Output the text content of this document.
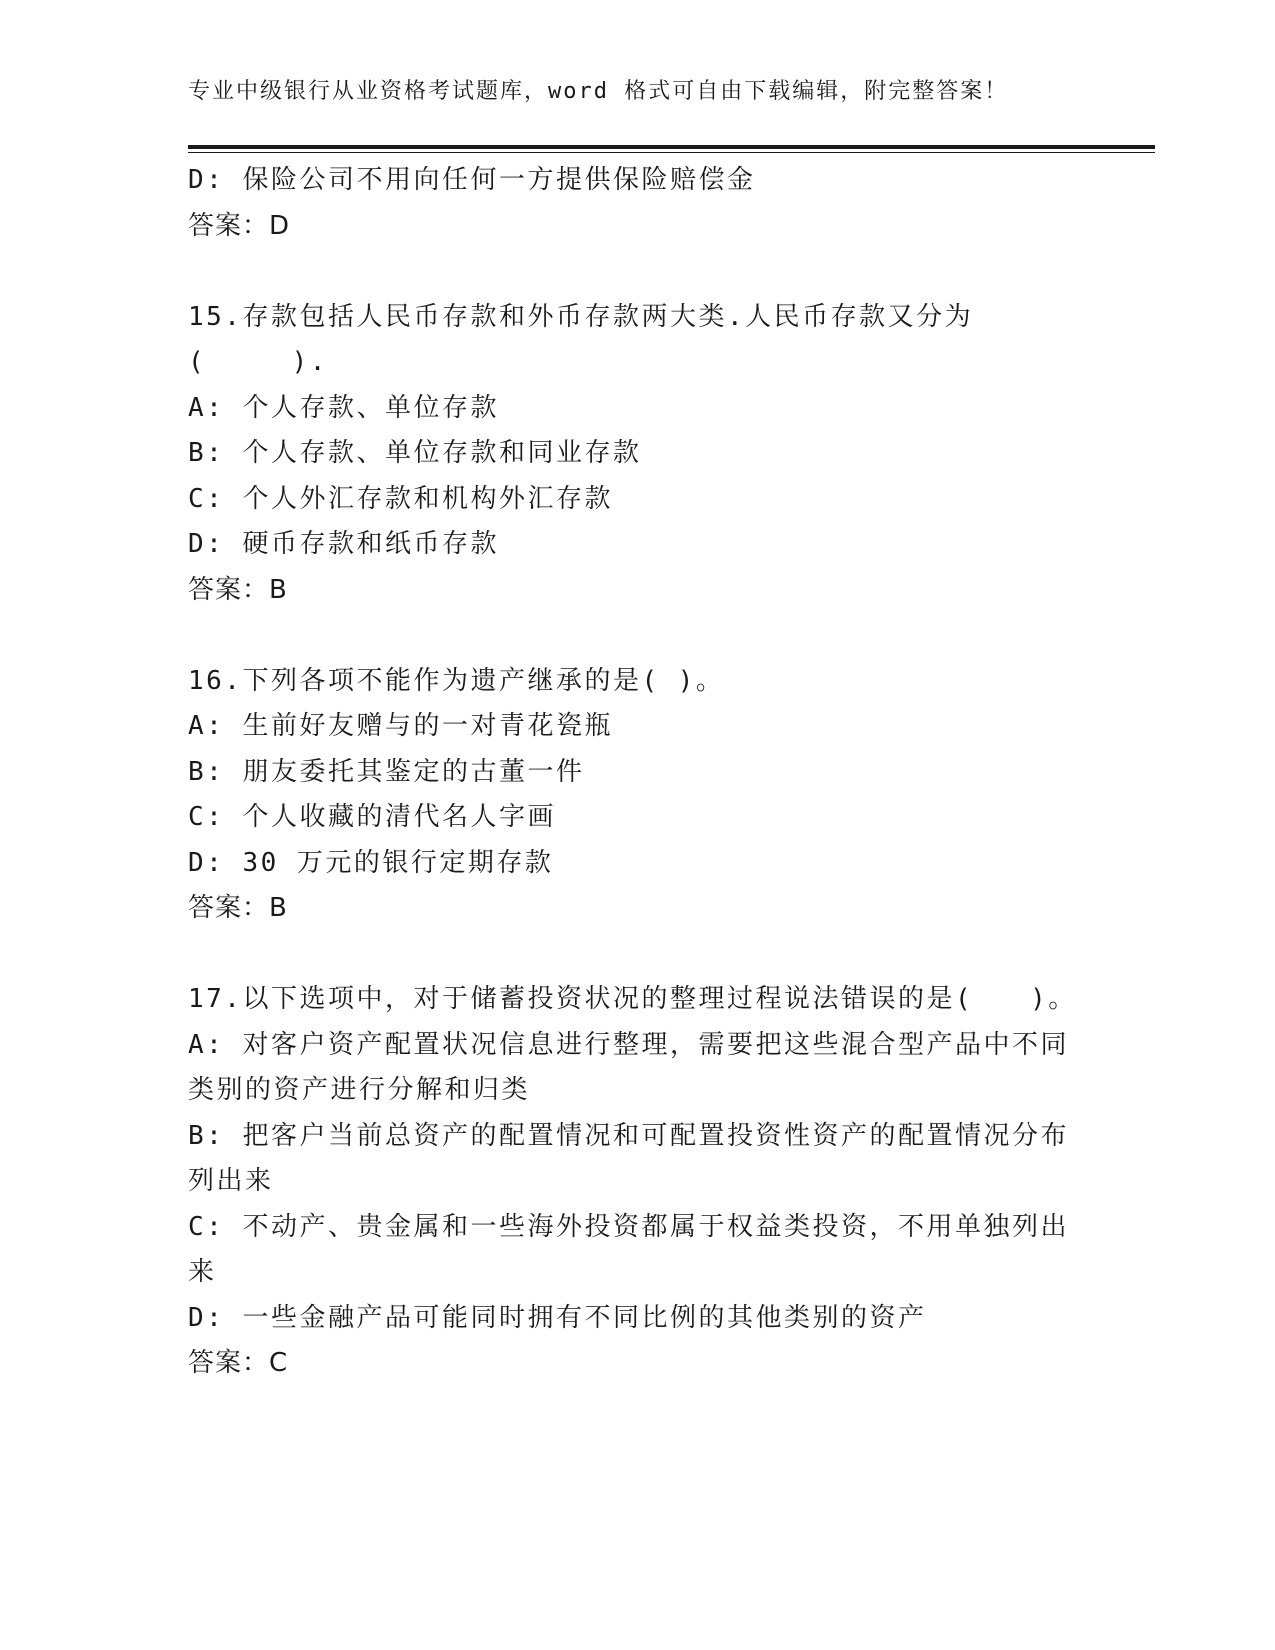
专业中级银行从业资格考试题库，word 格式可自由下载编辑，附完整答案！
D: 保险公司不用向任何一方提供保险赔偿金
答案：D
15.存款包括人民币存款和外币存款两大类.人民币存款又分为
(　　　).
A: 个人存款、单位存款
B: 个人存款、单位存款和同业存款
C: 个人外汇存款和机构外汇存款
D: 硬币存款和纸币存款
答案：B
16.下列各项不能作为遗产继承的是( )。
A: 生前好友赠与的一对青花瓷瓶
B: 朋友委托其鉴定的古董一件
C: 个人收藏的清代名人字画
D: 30 万元的银行定期存款
答案：B
17.以下选项中，对于储蓄投资状况的整理过程说法错误的是(　　)。
A: 对客户资产配置状况信息进行整理，需要把这些混合型产品中不同
类别的资产进行分解和归类
B: 把客户当前总资产的配置情况和可配置投资性资产的配置情况分布
列出来
C: 不动产、贵金属和一些海外投资都属于权益类投资，不用单独列出
来
D: 一些金融产品可能同时拥有不同比例的其他类别的资产
答案：C
